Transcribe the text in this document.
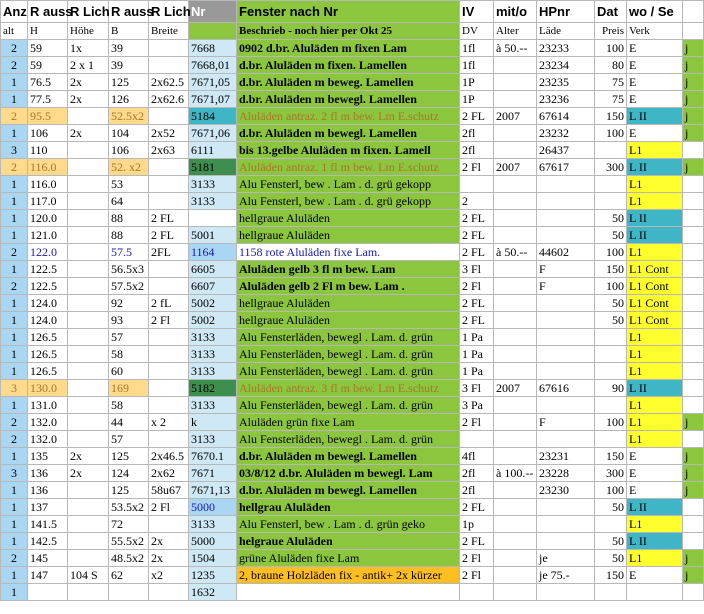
Anz	R auss	R Lich	R auss	R Lich	Nr	Fenster nach Nr	IV	mit/o	HPnr	Dat	wo / Se	
alt	H	Höhe	B	Breite		Beschrieb - noch hier per Okt 25	DV	Alter	Läde	Preis	Verk	
2	59	1x	39		7668	0902 d.br. Aluläden m fixen Lam	1fl	à 50.--	23233	100	E	j
2	59	2 x 1	39		7668,01	d.br. Aluläden m fixen. Lamellen	1fl		23234	80	E	j
1	76.5	2x	125	2x62.5	7671,05	d.br. Aluläden m beweg. Lamellen	1P		23235	75	E	j
1	77.5	2x	126	2x62.6	7671,07	d.br. Aluläden m bewegl. Lamellen	1P		23236	75	E	j
2	95.5		52.5x2		5184	Aluläden antraz. 2 fl m bew. Lm E.schutz	2 FL	2007	67614	150	L II	j
1	106	2x	104	2x52	7671,06	d.br. Aluläden m bewegl. Lamellen	2fl		23232	100	E	j
3	110		106	2x63	6111	bis 13.gelbe Aluläden m fixen. Lamell	2fl		26437		L1	
2	116.0		52. x2		5181	Aluläden antraz. 1 fl m bew. Lm E.schutz	2 Fl	2007	67617	300	L II	j
1	116.0		53		3133	Alu Fensterl, bew . Lam . d. grü gekopp					L1	
1	117.0		64		3133	Alu Fensterl, bew . Lam . d. grü gekopp	2				L1	
1	120.0		88	2 FL		hellgraue Aluläden	2 FL			50	L II	
1	121.0		88	2 FL	5001	hellgraue Aluläden	2 FL			50	L II	
2	122.0		57.5	2FL	1164	1158 rote Aluläden fixe Lam.	2 FL	à 50.--	44602	100	L1	
1	122.5		56.5x3		6605	Aluläden gelb 3 fl m bew. Lam	3 Fl		F	150	L1 Cont	
2	122.5		57.5x2		6607	Aluläden gelb 2 Fl m bew. Lam .	2 Fl		F	100	L1 Cont	
1	124.0		92	2 fL	5002	hellgraue Aluläden	2 FL			50	L1 Cont	
1	124.0		93	2 Fl	5002	hellgraue Aluläden	2 FL			50	L1 Cont	
1	126.5		57		3133	Alu Fensterläden, bewegl . Lam. d. grün	1 Pa				L1	
1	126.5		58		3133	Alu Fensterläden, bewegl . Lam. d. grün	1 Pa				L1	
1	126.5		60		3133	Alu Fensterläden, bewegl . Lam. d. grün	1 Pa				L1	
3	130.0		169		5182	Aluläden antraz. 3 fl m bew. Lm E.schutz	3 Fl	2007	67616	90	L II	
1	131.0		58		3133	Alu Fensterläden, bewegl . Lam. d. grün	3 Pa				L1	
2	132.0		44	x 2	k	Aluläden grün fixe Lam	2 Fl		F	100	L1	j
2	132.0		57		3133	Alu Fensterläden, bewegl . Lam. d. grün					L1	
1	135	2x	125	2x46.5	7670.1	d.br. Aluläden m bewegl. Lamellen	4fl		23231	150	E	j
3	136	2x	124	2x62	7671	03/8/12 d.br. Aluläden m bewegl. Lam	2fl	à 100.--	23228	300	E	j
1	136		125	58u67	7671,13	d.br. Aluläden m bewegl. Lamellen	2fl		23230	100	E	j
1	137		53.5x2	2 Fl	5000	hellgrau Aluläden	2 FL			50	L II	
1	141.5		72		3133	Alu Fensterl, bew . Lam . d. grün geko	1p				L1	
1	142.5		55.5x2	2x	5000	helgraue Aluläden	2 FL			50	L II	
2	145		48.5x2	2x	1504	grüne Aluläden fixe Lam	2 Fl		je	50	L1	j
1	147	104 S	62	x2	1235	2, braune Holzläden fix - antik+ 2x kürzer	2 Fl		je 75.-	150	E	j
1					1632							
